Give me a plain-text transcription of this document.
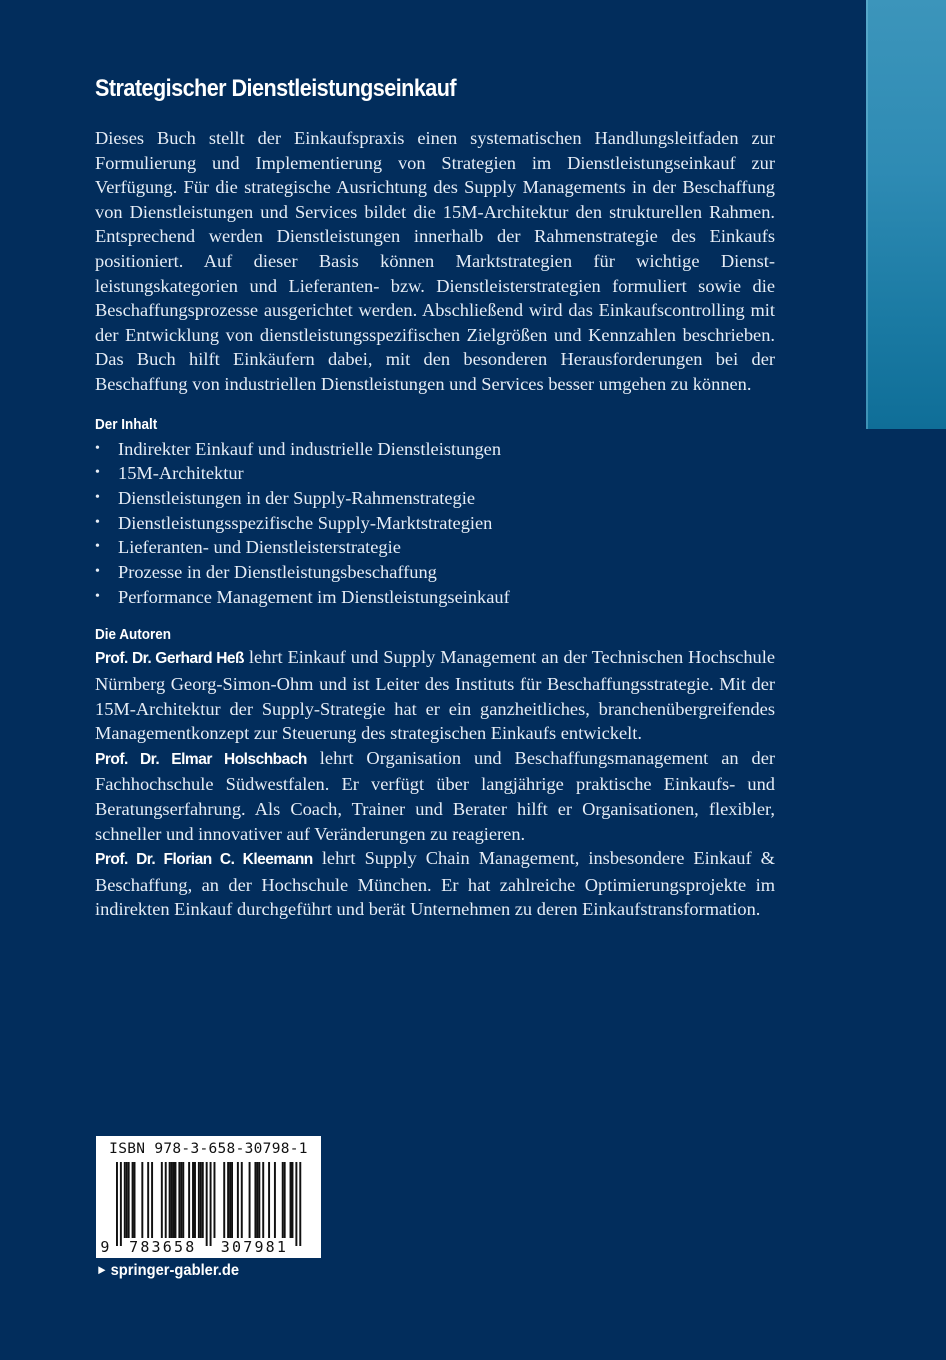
Strategischer Dienstleistungseinkauf

Dieses Buch stellt der Einkaufspraxis einen systematischen Handlungsleitfaden zur Formulierung und Implementierung von Strategien im Dienstleistungseinkauf zur Verfügung. Für die strategische Ausrichtung des Supply Managements in der Beschaffung von Dienstleistungen und Services bildet die 15M-Architektur den strukturellen Rahmen. Entsprechend werden Dienstleistungen innerhalb der Rahmenstrategie des Einkaufs positioniert. Auf dieser Basis können Marktstrategien für wichtige Dienstleistungskategorien und Lieferanten- bzw. Dienstleisterstrategien formuliert sowie die Beschaffungsprozesse ausgerichtet werden. Abschließend wird das Einkaufscontrolling mit der Entwicklung von dienstleistungsspezifischen Zielgrößen und Kennzahlen beschrieben. Das Buch hilft Einkäufern dabei, mit den besonderen Herausforderungen bei der Beschaffung von industriellen Dienstleistungen und Services besser umgehen zu können.

Der Inhalt
• Indirekter Einkauf und industrielle Dienstleistungen
• 15M-Architektur
• Dienstleistungen in der Supply-Rahmenstrategie
• Dienstleistungsspezifische Supply-Marktstrategien
• Lieferanten- und Dienstleisterstrategie
• Prozesse in der Dienstleistungsbeschaffung
• Performance Management im Dienstleistungseinkauf
Die Autoren

Prof. Dr. Gerhard Heß lehrt Einkauf und Supply Management an der Technischen Hochschule Nürnberg Georg-Simon-Ohm und ist Leiter des Instituts für Beschaffungsstrategie. Mit der 15M-Architektur der Supply-Strategie hat er ein ganzheitliches, branchenübergreifendes Managementkonzept zur Steuerung des strategischen Einkaufs entwickelt.

Prof. Dr. Elmar Holschbach lehrt Organisation und Beschaffungsmanagement an der Fachhochschule Südwestfalen. Er verfügt über langjährige praktische Einkaufs- und Beratungserfahrung. Als Coach, Trainer und Berater hilft er Organisationen, flexibler, schneller und innovativer auf Veränderungen zu reagieren.

Prof. Dr. Florian C. Kleemann lehrt Supply Chain Management, insbesondere Einkauf & Beschaffung, an der Hochschule München. Er hat zahlreiche Optimierungsprojekte im indirekten Einkauf durchgeführt und berät Unternehmen zu deren Einkaufstransformation.

9 783658 307981
ISBN 978-3-658-30798-1
► springer-gabler.de
